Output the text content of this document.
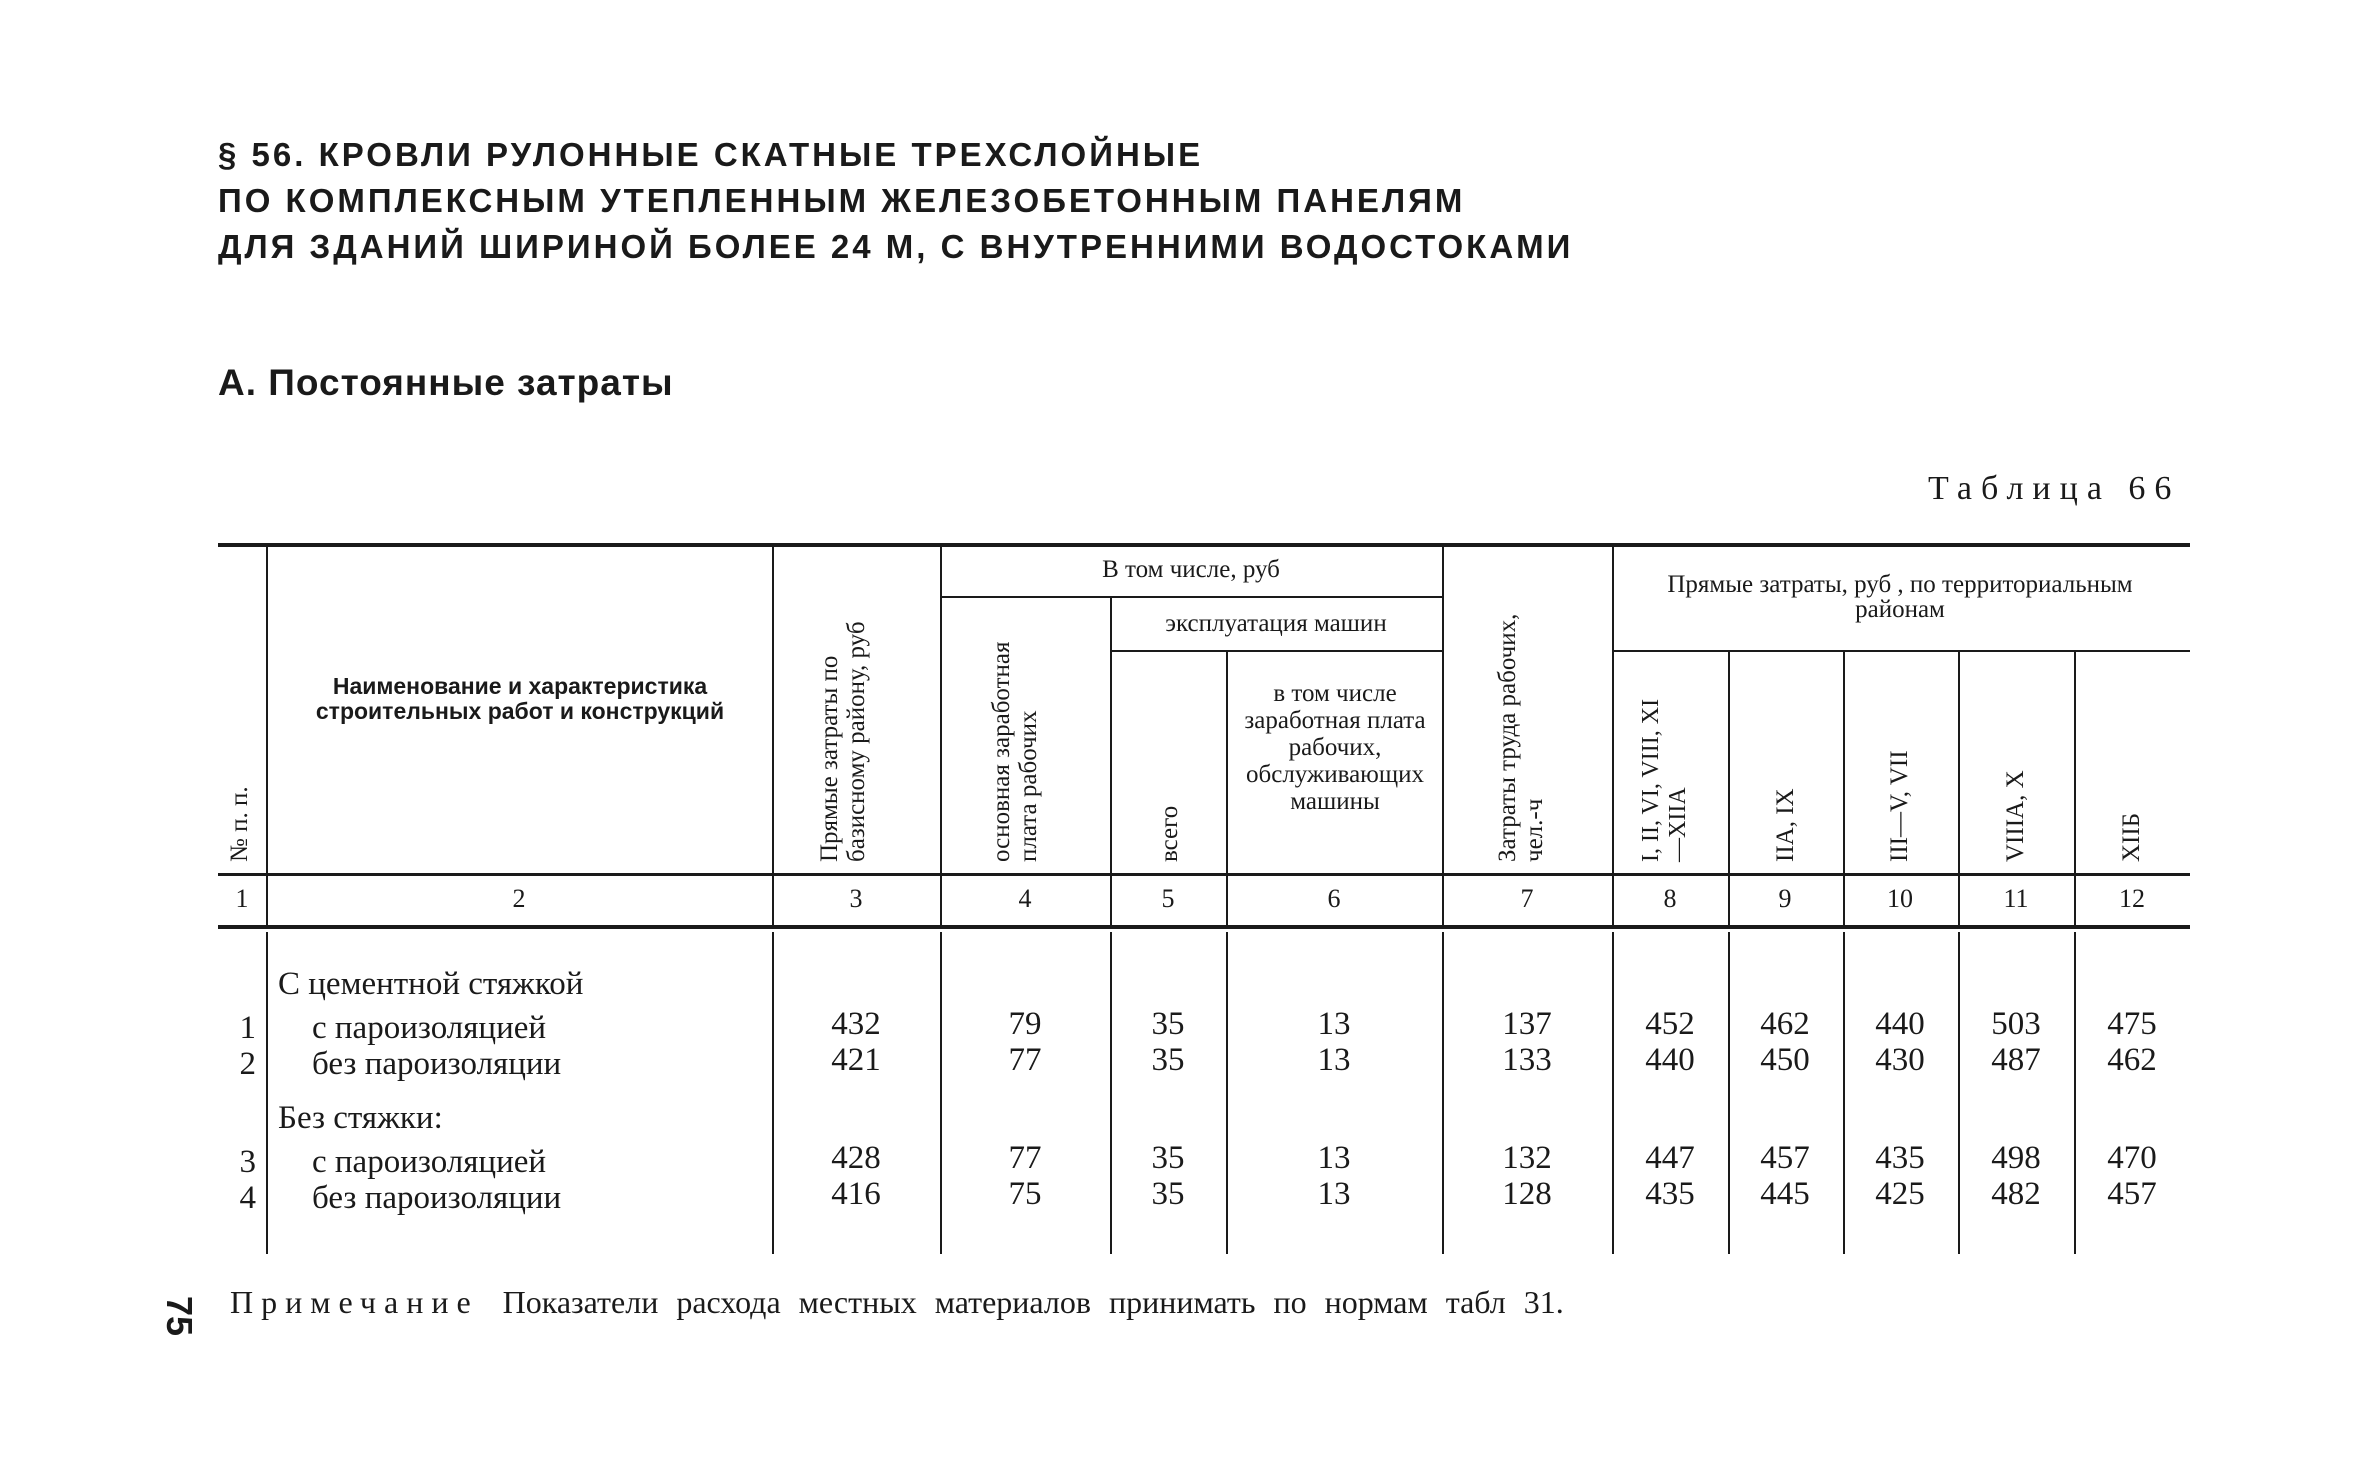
§ 56. КРОВЛИ РУЛОННЫЕ СКАТНЫЕ ТРЕХСЛОЙНЫЕ
ПО КОМПЛЕКСНЫМ УТЕПЛЕННЫМ ЖЕЛЕЗОБЕТОННЫМ ПАНЕЛЯМ
ДЛЯ ЗДАНИЙ ШИРИНОЙ БОЛЕЕ 24 М, С ВНУТРЕННИМИ ВОДОСТОКАМИ
А. Постоянные затраты
Таблица 66
№ п. п.
Наименование и характеристика строительных работ и конструкций	Прямые затраты по базисному району, руб
В том числе, руб
основная заработная плата рабочих
эксплуатация машин
всего
в том числе заработная плата рабочих, обслуживающих машины	Затраты труда рабочих, чел.-ч
Прямые затраты, руб , по территориальным районам
I, II, VI, VIII, XI—XIIA	IIA, IX	III—V, VII	VIIIA, X	XIIБ
1	2	3	4	5	6	7	8	9	10	11	12
С цементной стяжкой
1 с пароизоляцией	432	79	35	13	137	452	462	440	503	475
2 без пароизоляции	421	77	35	13	133	440	450	430	487	462
Без стяжки:
3 с пароизоляцией	428	77	35	13	132	447	457	435	498	470
4 без пароизоляции	416	75	35	13	128	435	445	425	482	457
75 Примечание Показатели расхода местных материалов принимать по нормам табл 31.
